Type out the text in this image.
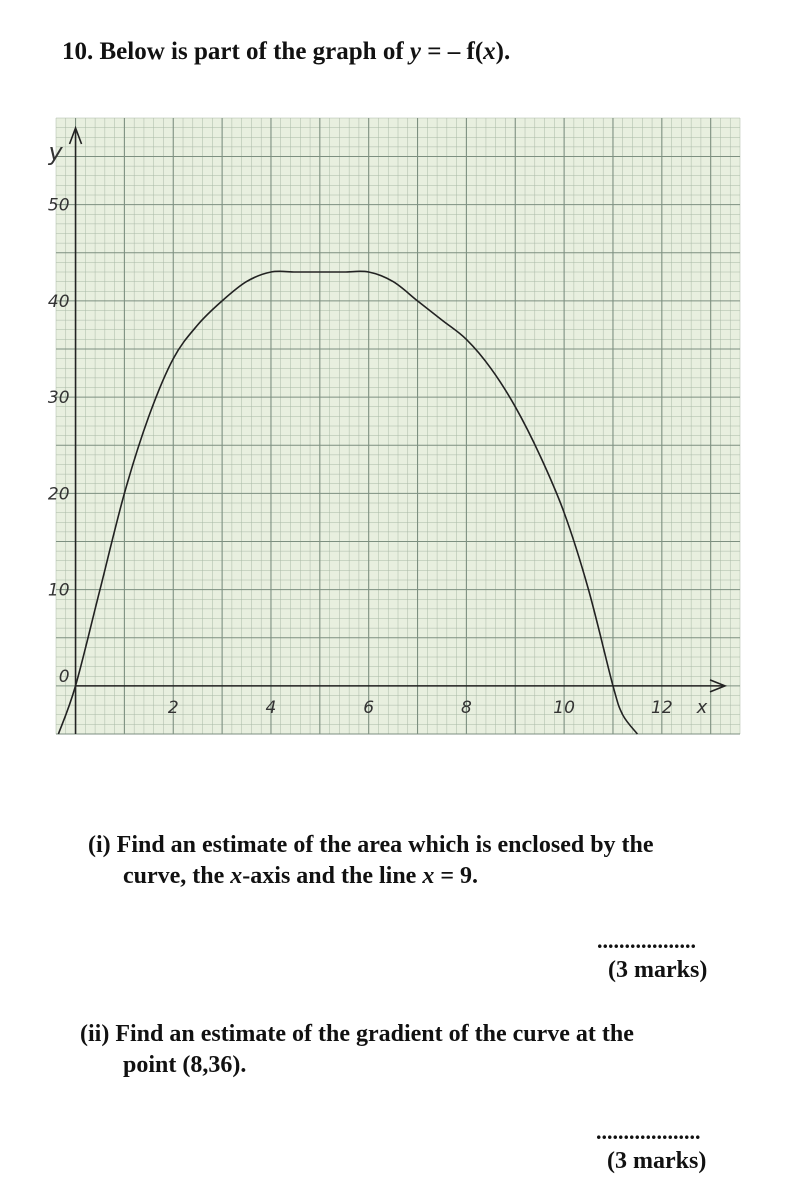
10. Below is part of the graph of y = – f(x).
2	4	6	8	10	12
0
10
20
30
40
50
x
y
(i) Find an estimate of the area which is enclosed by the
curve, the x-axis and the line x = 9.
..................
(3 marks)
(ii) Find an estimate of the gradient of the curve at the
point (8,36).
...................
(3 marks)
